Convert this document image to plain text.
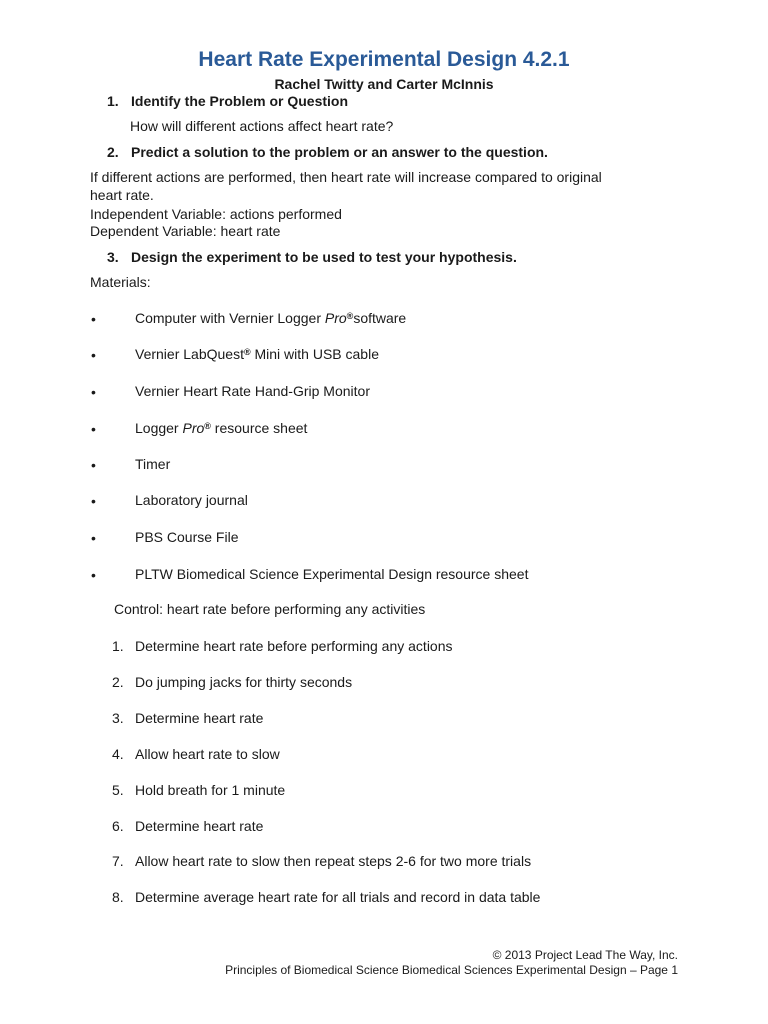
Heart Rate Experimental Design 4.2.1

Rachel Twitty and Carter McInnis

1. Identify the Problem or Question

How will different actions affect heart rate?

2. Predict a solution to the problem or an answer to the question.

If different actions are performed, then heart rate will increase compared to original

heart rate.

Independent Variable: actions performed

Dependent Variable: heart rate

3. Design the experiment to be used to test your hypothesis.

Materials:

•	Computer with Vernier Logger Pro®software

•	Vernier LabQuest® Mini with USB cable

•	Vernier Heart Rate Hand-Grip Monitor

•	Logger Pro® resource sheet

•	Timer

•	Laboratory journal

•	PBS Course File

•	PLTW Biomedical Science Experimental Design resource sheet

Control: heart rate before performing any activities

1. Determine heart rate before performing any actions

2. Do jumping jacks for thirty seconds

3. Determine heart rate

4. Allow heart rate to slow

5. Hold breath for 1 minute

6. Determine heart rate

7. Allow heart rate to slow then repeat steps 2-6 for two more trials

8. Determine average heart rate for all trials and record in data table

© 2013 Project Lead The Way, Inc.

Principles of Biomedical Science Biomedical Sciences Experimental Design – Page 1
